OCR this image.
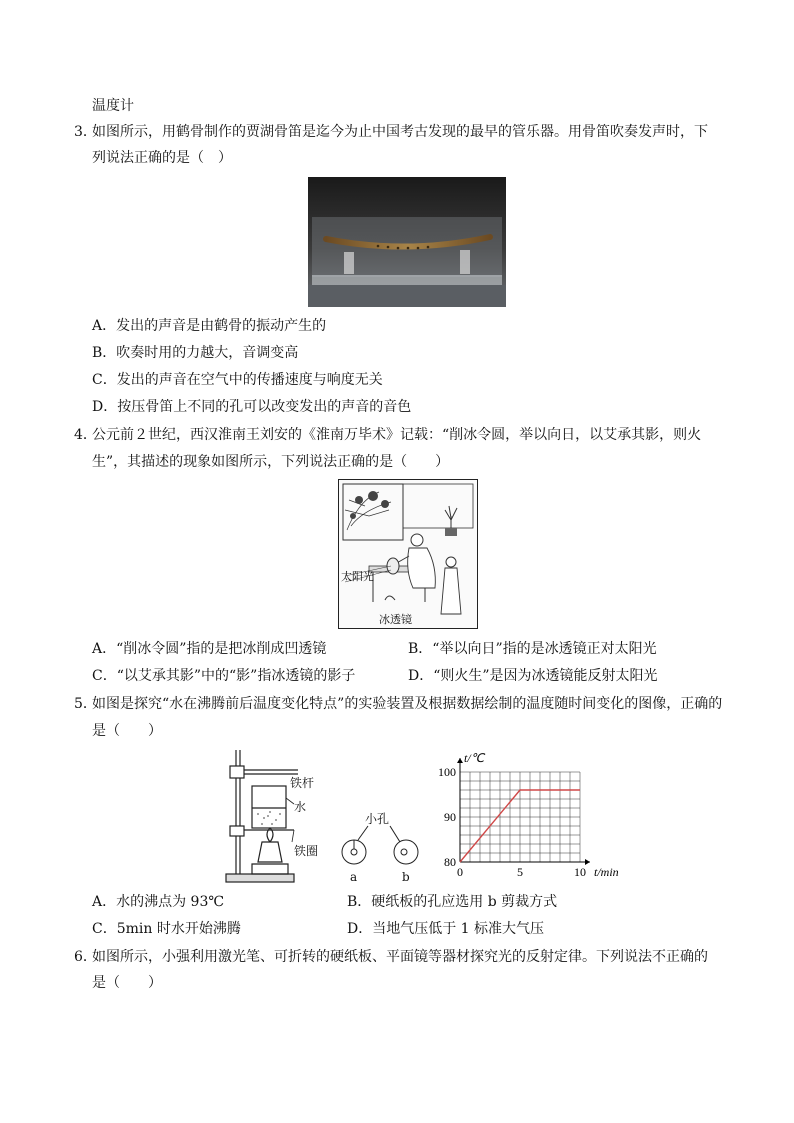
温度计
3．
如图所示，用鹤骨制作的贾湖骨笛是迄今为止中国考古发现的最早的管乐器。用骨笛吹奏发声时，下
列说法正确的是（　）
A．发出的声音是由鹤骨的振动产生的
B．吹奏时用的力越大，音调变高
C．发出的声音在空气中的传播速度与响度无关
D．按压骨笛上不同的孔可以改变发出的声音的音色
4．
公元前２世纪，西汉淮南王刘安的《淮南万毕术》记载：“削冰令圆，举以向日，以艾承其影，则火
生”，其描述的现象如图所示，下列说法正确的是（　　）
太阳光
冰透镜
A．“削冰令圆”指的是把冰削成凹透镜	B．“举以向日”指的是冰透镜正对太阳光
C．“以艾承其影”中的“影”指冰透镜的影子	D．“则火生”是因为冰透镜能反射太阳光
5．
如图是探究“水在沸腾前后温度变化特点”的实验装置及根据数据绘制的温度随时间变化的图像，正确的
是（　　）
铁杆
水
铁圈
小孔
a	b	0	5	10
80
90
100
t/min
t/℃
A．水的沸点为 93℃	B．硬纸板的孔应选用 b 剪裁方式
C．5min 时水开始沸腾	D．当地气压低于 1 标准大气压
6．
如图所示，小强利用激光笔、可折转的硬纸板、平面镜等器材探究光的反射定律。下列说法不正确的
是（　　）
